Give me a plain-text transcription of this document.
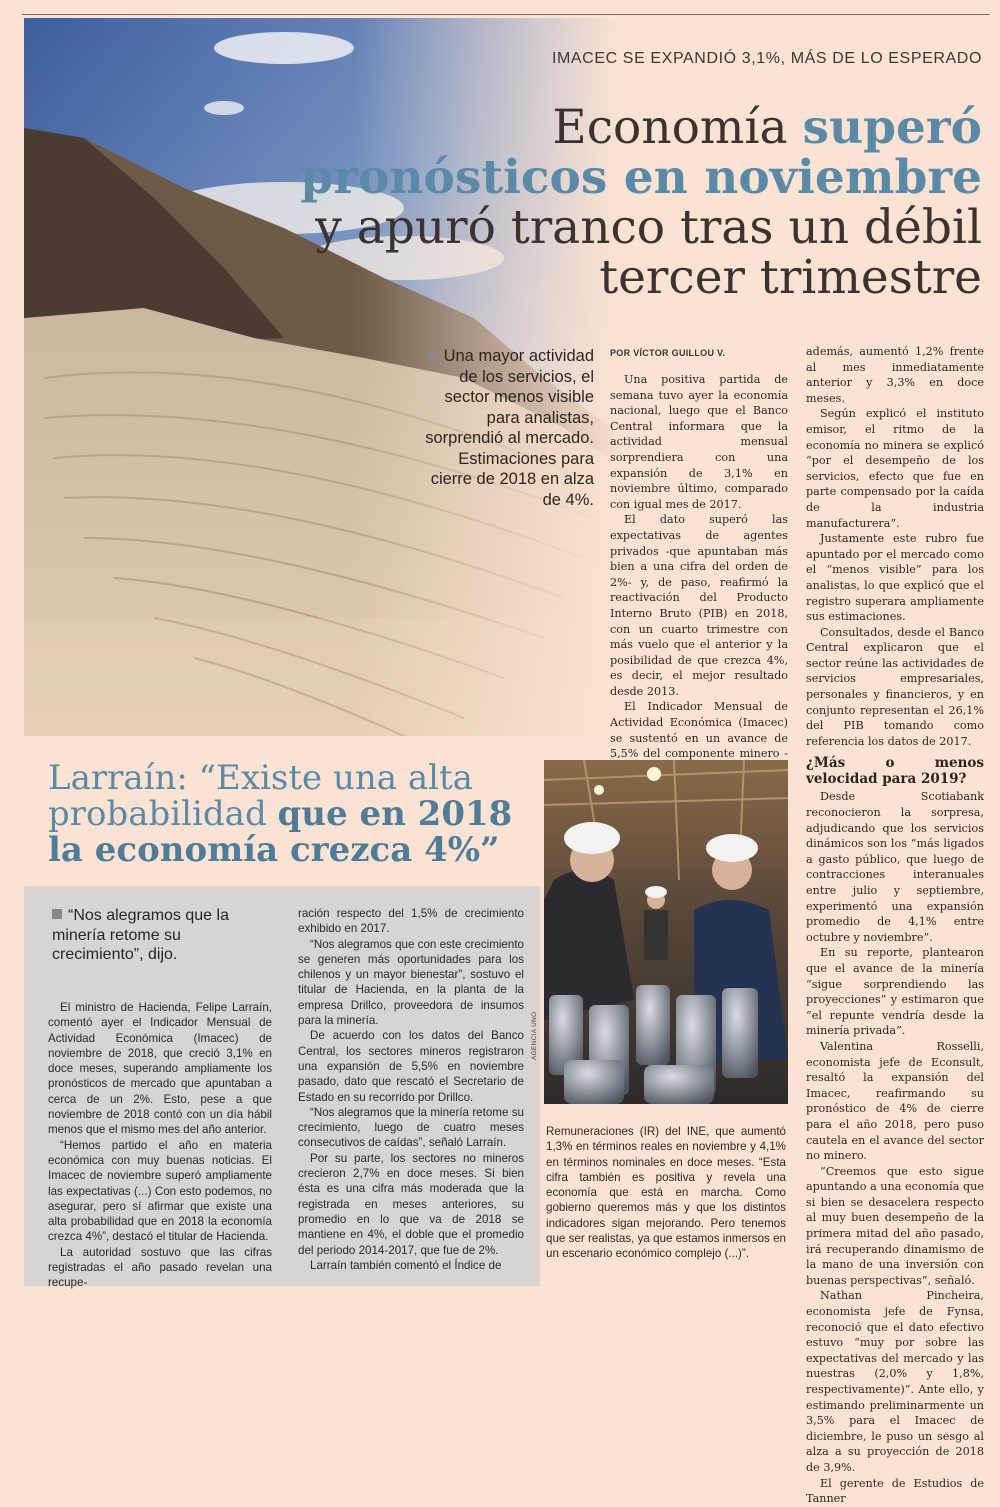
IMACEC SE EXPANDIÓ 3,1%, MÁS DE LO ESPERADO
Economía superó pronósticos en noviembre y apuró tranco tras un débil tercer trimestre
Una mayor actividad de los servicios, el sector menos visible para analistas, sorprendió al mercado. Estimaciones para cierre de 2018 en alza de 4%.
POR VÍCTOR GUILLOU V.

Una positiva partida de semana tuvo ayer la economía nacional, luego que el Banco Central informara que la actividad mensual sorprendiera con una expansión de 3,1% en noviembre último, comparado con igual mes de 2017.

El dato superó las expectativas de agentes privados -que apuntaban más bien a una cifra del orden de 2%- y, de paso, reafirmó la reactivación del Producto Interno Bruto (PIB) en 2018, con un cuarto trimestre con más vuelo que el anterior y la posibilidad de que crezca 4%, es decir, el mejor resultado desde 2013.

El Indicador Mensual de Actividad Económica (Imacec) se sustentó en un avance de 5,5% del componente minero -

además, aumentó 1,2% frente al mes inmediatamente anterior y 3,3% en doce meses.

Según explicó el instituto emisor, el ritmo de la economía no minera se explicó “por el desempeño de los servicios, efecto que fue en parte compensado por la caída de la industria manufacturera”.

Justamente este rubro fue apuntado por el mercado como el “menos visible” para los analistas, lo que explicó que el registro superara ampliamente sus estimaciones.

Consultados, desde el Banco Central explicaron que el sector reúne las actividades de servicios empresariales, personales y financieros, y en conjunto representan el 26,1% del PIB tomando como referencia los datos de 2017.

¿Más o menos velocidad para 2019?

Desde Scotiabank reconocieron la sorpresa, adjudicando que los servicios dinámicos son los “más ligados a gasto público, que luego de contracciones interanuales entre julio y septiembre, experimentó una expansión promedio de 4,1% entre octubre y noviembre”.

En su reporte, plantearon que el avance de la minería “sigue sorprendiendo las proyecciones” y estimaron que “el repunte vendría desde la minería privada”.

Valentina Rosselli, economista jefe de Econsult, resaltó la expansión del Imacec, reafirmando su pronóstico de 4% de cierre para el año 2018, pero puso cautela en el avance del sector no minero.

“Creemos que esto sigue apuntando a una economía que si bien se desacelera respecto al muy buen desempeño de la primera mitad del año pasado, irá recuperando dinamismo de la mano de una inversión con buenas perspectivas”, señaló.

Nathan Pincheira, economista jefe de Fynsa, reconoció que el dato efectivo estuvo “muy por sobre las expectativas del mercado y las nuestras (2,0% y 1,8%, respectivamente)”. Ante ello, y estimando preliminarmente un 3,5% para el Imacec de diciembre, le puso un sesgo al alza a su proyección de 2018 de 3,9%.

El gerente de Estudios de Tanner

Larraín: “Existe una alta probabilidad que en 2018 la economía crezca 4%”
“Nos alegramos que la minería retome su crecimiento”, dijo.

El ministro de Hacienda, Felipe Larraín, comentó ayer el Indicador Mensual de Actividad Económica (Imacec) de noviembre de 2018, que creció 3,1% en doce meses, superando ampliamente los pronósticos de mercado que apuntaban a cerca de un 2%. Esto, pese a que noviembre de 2018 contó con un día hábil menos que el mismo mes del año anterior.

“Hemos partido el año en materia económica con muy buenas noticias. El Imacec de noviembre superó ampliamente las expectativas (...) Con esto podemos, no asegurar, pero sí afirmar que existe una alta probabilidad que en 2018 la economía crezca 4%”, destacó el titular de Hacienda.

La autoridad sostuvo que las cifras registradas el año pasado revelan una recupe-

ración respecto del 1,5% de crecimiento exhibido en 2017.

“Nos alegramos que con este crecimiento se generen más oportunidades para los chilenos y un mayor bienestar”, sostuvo el titular de Hacienda, en la planta de la empresa Drillco, proveedora de insumos para la minería.

De acuerdo con los datos del Banco Central, los sectores mineros registraron una expansión de 5,5% en noviembre pasado, dato que rescató el Secretario de Estado en su recorrido por Drillco.

“Nos alegramos que la minería retome su crecimiento, luego de cuatro meses consecutivos de caídas”, señaló Larraín.

Por su parte, los sectores no mineros crecieron 2,7% en doce meses. Si bien ésta es una cifra más moderada que la registrada en meses anteriores, su promedio en lo que va de 2018 se mantiene en 4%, el doble que el promedio del periodo 2014-2017, que fue de 2%.

Larraín también comentó el Índice de

AGENCIA UNO

Remuneraciones (IR) del INE, que aumentó 1,3% en términos reales en noviembre y 4,1% en términos nominales en doce meses. “Esta cifra también es positiva y revela una economía que está en marcha. Como gobierno queremos más y que los distintos indicadores sigan mejorando. Pero tenemos que ser realistas, ya que estamos inmersos en un escenario económico complejo (...)”.
